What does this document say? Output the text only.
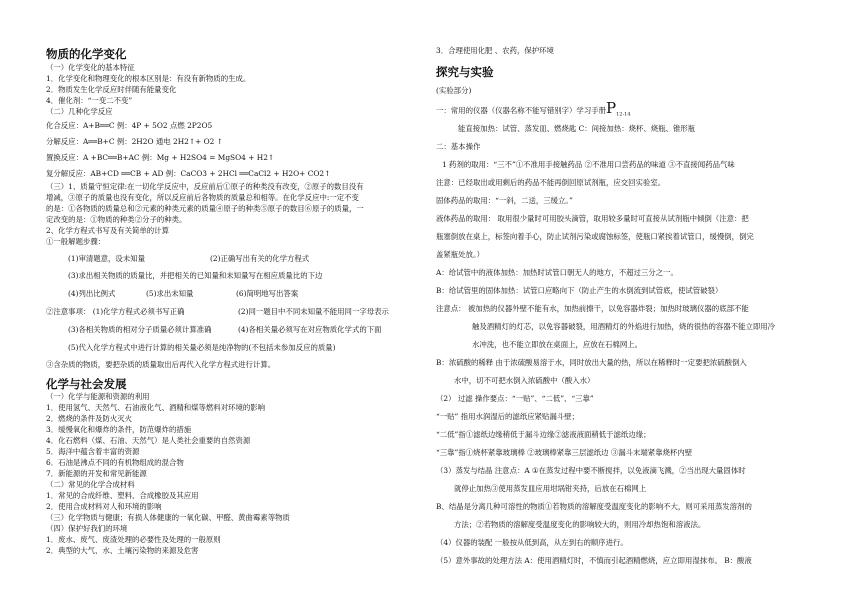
物质的化学变化
（一）化学变化的基本特征
1．化学变化和物理变化的根本区别是：有没有新物质的生成。
2．物质发生化学反应时伴随有能量变化
4．催化剂：“一变二不变”
（二）几种化学反应
化合反应：A+B══C 例：4P + 5O2 点燃 2P2O5
分解反应：A══B+C 例：2H2O 通电 2H2↑+ O2 ↑
置换反应：A +BC══B+AC 例：Mg + H2SO4 = MgSO4 + H2↑
复分解反应：AB+CD ══CB + AD 例：CaCO3 + 2HCl ══CaCl2 + H2O+ CO2↑
（三）1、质量守恒定律:在一切化学反应中，反应前后①原子的种类没有改变，②原子的数目没有
增减，③原子的质量也没有变化，所以反应前后各物质的质量总和相等。在化学反应中:一定不变
的是：①各物质的质量总和②元素的种类元素的质量④原子的种类⑤原子的数目⑥原子的质量，一
定改变的是：①物质的种类②分子的种类。
2、化学方程式书写及有关简单的计算
①一般解题步骤：
(1)审清题意，设未知量	(2)正确写出有关的化学方程式
(3)求出相关物质的质量比，并把相关的已知量和未知量写在相应质量比的下边
(4)列出比例式	(5)求出未知量	(6)简明地写出答案
②注意事项： (1)化学方程式必须书写正确	(2)同一题目中不同未知量不能用同一字母表示
(3)各相关物质的相对分子质量必须计算准确	(4)各相关量必须写在对应物质化学式的下面
(5)代入化学方程式中进行计算的相关量必须是纯净物的(不包括未参加反应的质量)
③含杂质的物质，要把杂质的质量取出后再代入化学方程式进行计算。
化学与社会发展
（一）化学与能源和资源的利用
1．使用氢气、天然气、石油液化气、酒精和煤等燃料对环境的影响
2．燃烧的条件及防火灭火
3．缓慢氧化和爆炸的条件，防范爆炸的措施
4．化石燃料（煤、石油、天然气）是人类社会重要的自然资源
5．海洋中蕴含着丰富的资源
6．石油是沸点不同的有机物组成的混合物
7．新能源的开发和常见新能源
（二）常见的化学合成材料
1．常见的合成纤维、塑料、合成橡胶及其应用
2．使用合成材料对人和环境的影响
（三）化学物质与健康；有损人体健康的一氧化碳、甲醛、黄曲霉素等物质
（四）保护好我们的环境
1．废水、废气、废渣处理的必要性及处理的一般原则
2．典型的大气、水、土壤污染物的来源及危害
3．合理使用化肥 、农药，保护环境
探究与实验
(实验部分)
一：常用的仪器（仪器名称不能写错别字）学习手册$P_{12-14}$
能直接加热：试管、蒸发皿、燃烧匙 C：间接加热：烧杯、烧瓶、锥形瓶
二：基本操作
1 药剂的取用：“三不”①不准用手接触药品 ②不准用口尝药品的味道 ③不直接闻药品气味
注意：已经取出或用剩后的药品不能再倒回原试剂瓶，应交回实验室。
固体药品的取用：“一斜，二送，三缓立。”
液体药品的取用： 取用很少量时可用胶头滴管，取用较多量时可直接从试剂瓶中倾倒（注意：把
瓶塞倒放在桌上，标签向着手心，防止试剂污染或腐蚀标签，使瓶口紧挨着试管口，缓慢倒，倒完
盖紧瓶处放。）
A：给试管中的液体加热：加热时试管口朝无人的地方，不超过三分之一。
B：给试管里的固体加热：试管口应略向下（防止产生的水倒流到试管底，使试管破裂）
注意点： 被加热的仪器外壁不能有水，加热前擦干，以免容器炸裂；加热时玻璃仪器的底部不能
触及酒精灯的灯芯，以免容器破裂，用酒精灯的外焰进行加热，烧的很热的容器不能立即用冷
水冲洗，也不能立即放在桌面上，应放在石棉网上。
B：浓硫酸的稀释 由于浓硫酸易溶于水，同时放出大量的热，所以在稀释时一定要把浓硫酸倒入
水中，切不可把水倒入浓硫酸中（酸入水）
（2） 过滤 操作要点：“一贴”、“二低”、“三靠”
“一贴” 指用水润湿后的滤纸应紧贴漏斗壁；
“二低”指①滤纸边缘稍低于漏斗边缘②滤液液面稍低于滤纸边缘；
“三靠”指①烧杯紧靠玻璃棒 ②玻璃棒紧靠三层滤纸边 ③漏斗末端紧靠烧杯内壁
（3）蒸发与结晶 注意点：A ①在蒸发过程中要不断搅拌，以免液滴飞溅，②当出现大量固体时
就停止加热③使用蒸发皿应用坩埚钳夹持，后放在石棉网上
B、结晶是分离几种可溶性的物质①若物质的溶解度受温度变化的影响不大，则可采用蒸发溶剂的
方法；②若物质的溶解度受温度变化的影响较大的，则用冷却热饱和溶液法。
（4）仪器的装配 一般按从低到高，从左到右的顺序进行。
（5）意外事故的处理方法 A：使用酒精灯时，不慎而引起酒精燃烧，应立即用湿抹布。 B：酸液
